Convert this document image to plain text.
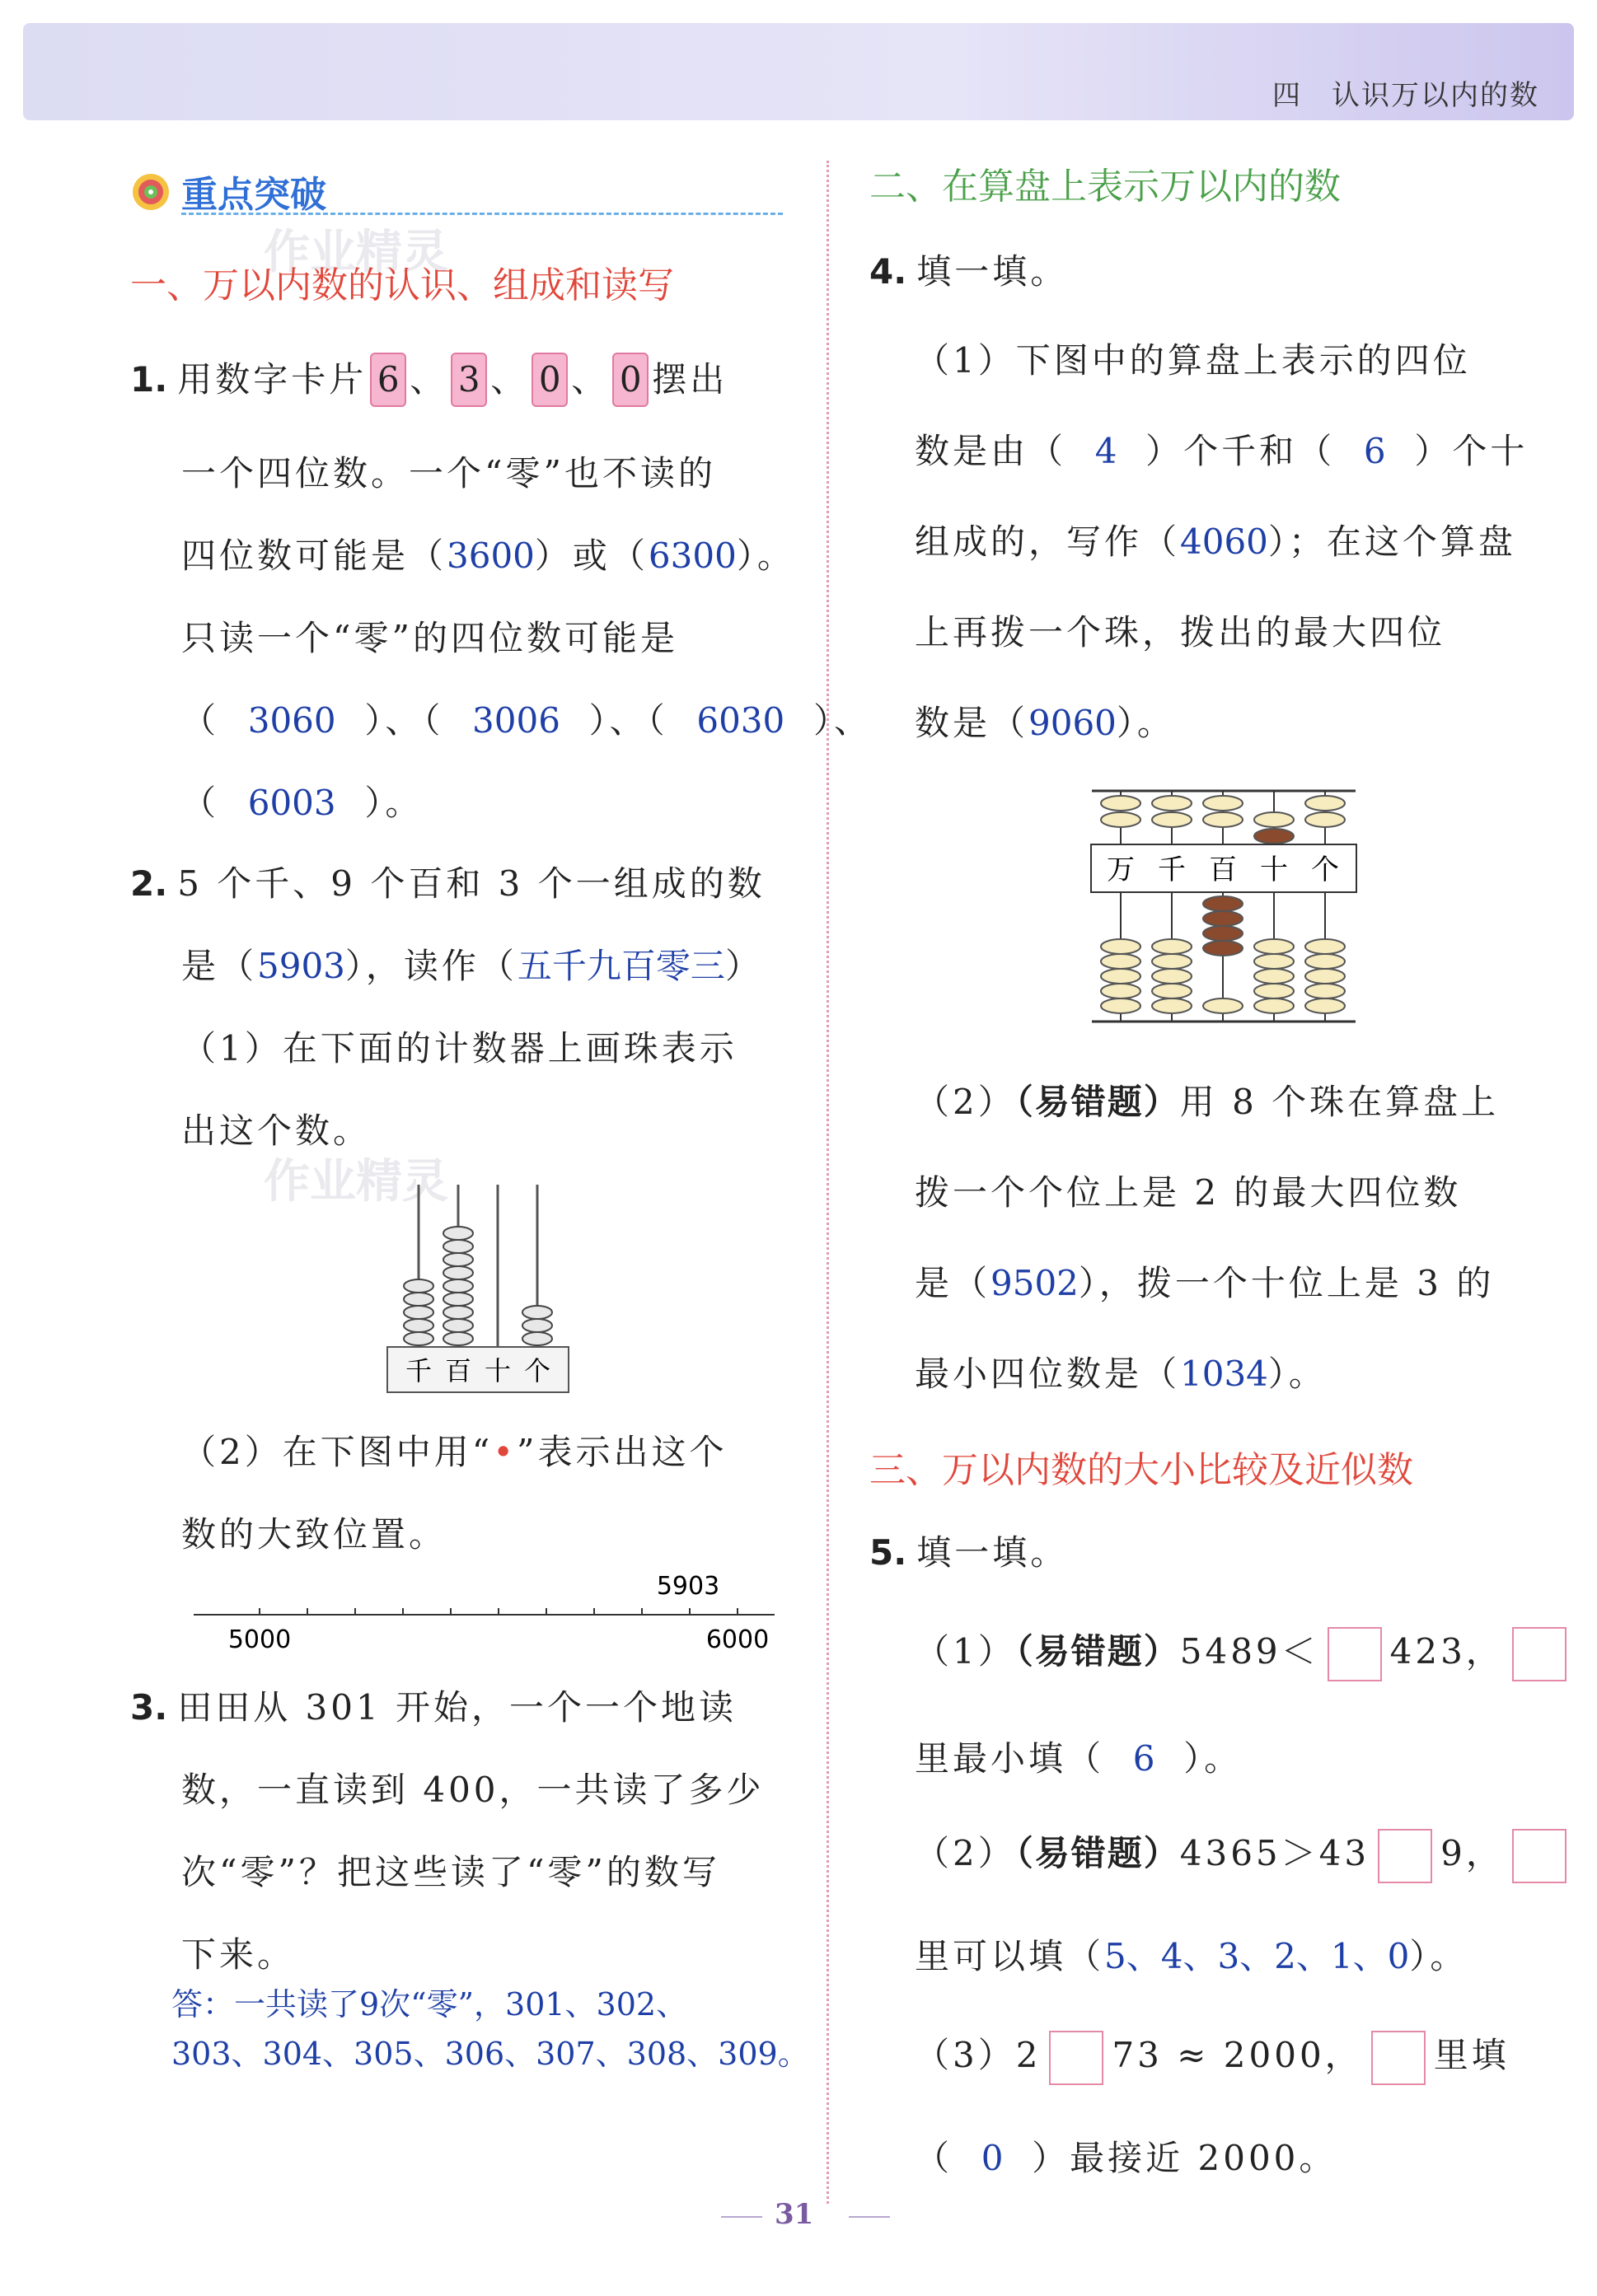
四　认识万以内的数
重点突破
作业精灵
一、万以内数的认识、组成和读写
1. 用数字卡片 6 、 3 、 0 、 0 摆出
一个四位数。一个“零”也不读的
四位数可能是（3600）或（6300）。
只读一个“零”的四位数可能是
（ 3060 ）、（ 3006 ）、（ 6030 ）、
（ 6003 ）。
2. 5 个千、9 个百和 3 个一组成的数
是（5903），读作（五千九百零三）
（1）在下面的计数器上画珠表示
出这个数。
作业精灵
千 百 十 个
（2）在下图中用“•”表示出这个
数的大致位置。
5000	6000
5903
3. 田田从 301 开始，一个一个地读
数，一直读到 400，一共读了多少
次“零”？把这些读了“零”的数写
下来。
答：一共读了9次“零”，301、302、
303、304、305、306、307、308、309。
二、在算盘上表示万以内的数
4. 填一填。
（1）下图中的算盘上表示的四位
数是由（ 4 ）个千和（ 6 ）个十
组成的，写作（4060）；在这个算盘
上再拨一个珠，拨出的最大四位
数是（9060）。
万 千 百 十 个
（2）（易错题）用 8 个珠在算盘上
拨一个个位上是 2 的最大四位数
是（9502），拨一个十位上是 3 的
最小四位数是（1034）。
三、万以内数的大小比较及近似数
5. 填一填。
（1）（易错题）5489＜ 423，
里最小填（ 6 ）。
（2）（易错题）4365＞43 9，
里可以填（5、4、3、2、1、0）。
（3）2 73 ≈ 2000， 里填
（ 0 ）最接近 2000。
31
